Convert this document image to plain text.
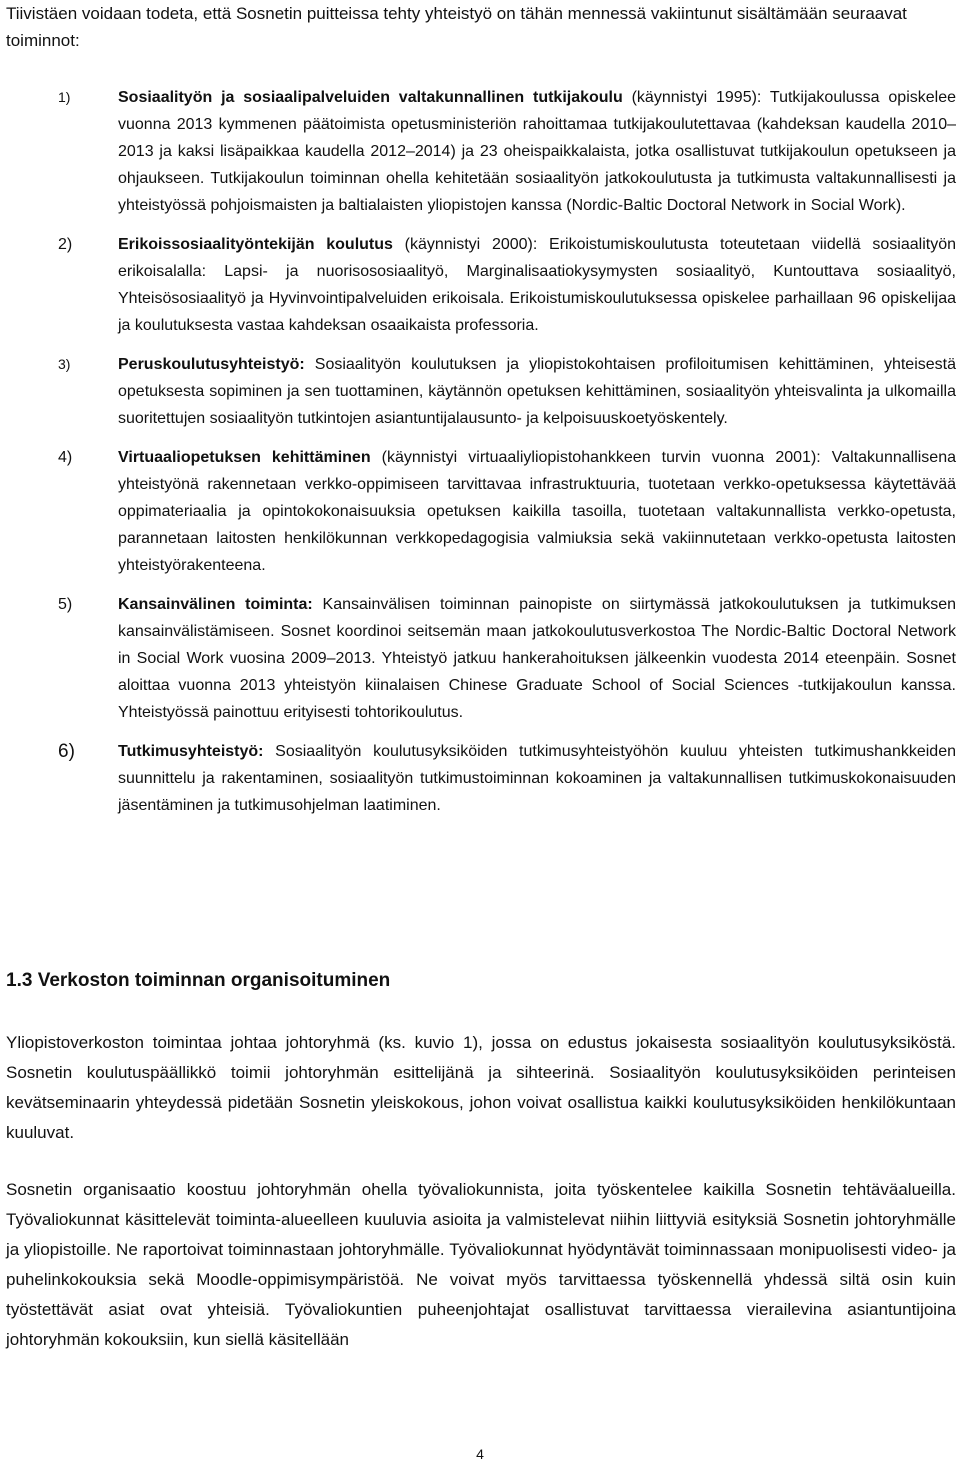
Tiivistäen voidaan todeta, että Sosnetin puitteissa tehty yhteistyö on tähän mennessä vakiintunut sisältämään seuraavat toiminnot:

1)	Sosiaalityön ja sosiaalipalveluiden valtakunnallinen tutkijakoulu (käynnistyi 1995): Tutkijakoulussa opiskelee vuonna 2013 kymmenen päätoimista opetusministeriön rahoittamaa tutkijakoulutettavaa (kahdeksan kaudella 2010–2013 ja kaksi lisäpaikkaa kaudella 2012–2014) ja 23 oheispaikkalaista, jotka osallistuvat tutkijakoulun opetukseen ja ohjaukseen. Tutkijakoulun toiminnan ohella kehitetään sosiaalityön jatkokoulutusta ja tutkimusta valtakunnallisesti ja yhteistyössä pohjoismaisten ja baltialaisten yliopistojen kanssa (Nordic-Baltic Doctoral Network in Social Work).
2)	Erikoissosiaalityöntekijän koulutus (käynnistyi 2000): Erikoistumiskoulutusta toteutetaan viidellä sosiaalityön erikoisalalla: Lapsi- ja nuorisososiaalityö, Marginalisaatiokysymysten sosiaalityö, Kuntouttava sosiaalityö, Yhteisösosiaalityö ja Hyvinvointipalveluiden erikoisala. Erikoistumiskoulutuksessa opiskelee parhaillaan 96 opiskelijaa ja koulutuksesta vastaa kahdeksan osaaikaista professoria.
3)	Peruskoulutusyhteistyö: Sosiaalityön koulutuksen ja yliopistokohtaisen profiloitumisen kehittäminen, yhteisestä opetuksesta sopiminen ja sen tuottaminen, käytännön opetuksen kehittäminen, sosiaalityön yhteisvalinta ja ulkomailla suoritettujen sosiaalityön tutkintojen asiantuntijalausunto- ja kelpoisuuskoetyöskentely.
4)	Virtuaaliopetuksen kehittäminen (käynnistyi virtuaaliyliopistohankkeen turvin vuonna 2001): Valtakunnallisena yhteistyönä rakennetaan verkko-oppimiseen tarvittavaa infrastruktuuria, tuotetaan verkko-opetuksessa käytettävää oppimateriaalia ja opintokokonaisuuksia opetuksen kaikilla tasoilla, tuotetaan valtakunnallista verkko-opetusta, parannetaan laitosten henkilökunnan verkkopedagogisia valmiuksia sekä vakiinnutetaan verkko-opetusta laitosten yhteistyörakenteena.
5)	Kansainvälinen toiminta: Kansainvälisen toiminnan painopiste on siirtymässä jatkokoulutuksen ja tutkimuksen kansainvälistämiseen. Sosnet koordinoi seitsemän maan jatkokoulutusverkostoa The Nordic-Baltic Doctoral Network in Social Work vuosina 2009–2013. Yhteistyö jatkuu hankerahoituksen jälkeenkin vuodesta 2014 eteenpäin. Sosnet aloittaa vuonna 2013 yhteistyön kiinalaisen Chinese Graduate School of Social Sciences -tutkijakoulun kanssa. Yhteistyössä painottuu erityisesti tohtorikoulutus.
6)	Tutkimusyhteistyö: Sosiaalityön koulutusyksiköiden tutkimusyhteistyöhön kuuluu yhteisten tutkimushankkeiden suunnittelu ja rakentaminen, sosiaalityön tutkimustoiminnan kokoaminen ja valtakunnallisen tutkimuskokonaisuuden jäsentäminen ja tutkimusohjelman laatiminen.
1.3 Verkoston toiminnan organisoituminen

Yliopistoverkoston toimintaa johtaa johtoryhmä (ks. kuvio 1), jossa on edustus jokaisesta sosiaalityön koulutusyksiköstä. Sosnetin koulutuspäällikkö toimii johtoryhmän esittelijänä ja sihteerinä. Sosiaalityön koulutusyksiköiden perinteisen kevätseminaarin yhteydessä pidetään Sosnetin yleiskokous, johon voivat osallistua kaikki koulutusyksiköiden henkilökuntaan kuuluvat.

Sosnetin organisaatio koostuu johtoryhmän ohella työvaliokunnista, joita työskentelee kaikilla Sosnetin tehtäväalueilla. Työvaliokunnat käsittelevät toiminta-alueelleen kuuluvia asioita ja valmistelevat niihin liittyviä esityksiä Sosnetin johtoryhmälle ja yliopistoille. Ne raportoivat toiminnastaan johtoryhmälle. Työvaliokunnat hyödyntävät toiminnassaan monipuolisesti video- ja puhelinkokouksia sekä Moodle-oppimisympäristöä. Ne voivat myös tarvittaessa työskennellä yhdessä siltä osin kuin työstettävät asiat ovat yhteisiä. Työvaliokuntien puheenjohtajat osallistuvat tarvittaessa vierailevina asiantuntijoina johtoryhmän kokouksiin, kun siellä käsitellään

4
